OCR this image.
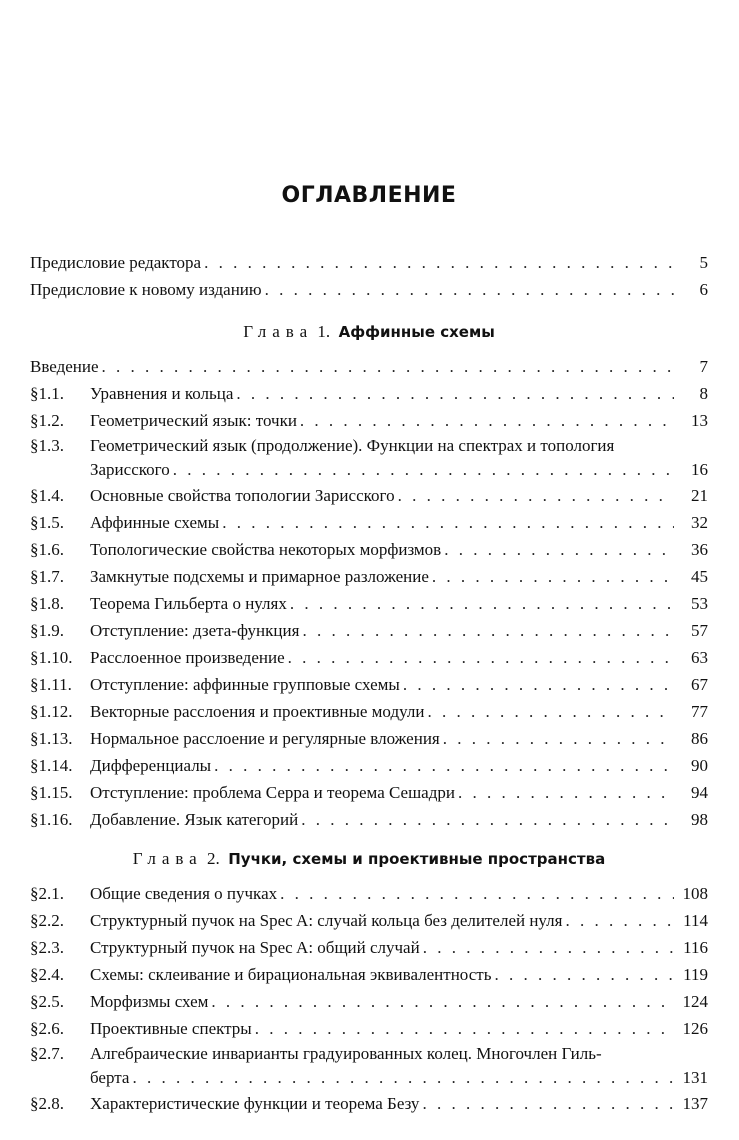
ОГЛАВЛЕНИЕ
Предисловие редактора . . .	5
Предисловие к новому изданию . . .	6
Глава 1. Аффинные схемы
Введение . . .	7
§1.1.	Уравнения и кольца . . .	8
§1.2.	Геометрический язык: точки . . .	13
§1.3.	Геометрический язык (продолжение). Функции на спектрах и топология
Зарисского . . .	16
§1.4.	Основные свойства топологии Зарисского . . .	21
§1.5.	Аффинные схемы . . .	32
§1.6.	Топологические свойства некоторых морфизмов . . .	36
§1.7.	Замкнутые подсхемы и примарное разложение . . .	45
§1.8.	Теорема Гильберта о нулях . . .	53
§1.9.	Отступление: дзета-функция . . .	57
§1.10.	Расслоенное произведение . . .	63
§1.11.	Отступление: аффинные групповые схемы . . .	67
§1.12.	Векторные расслоения и проективные модули . . .	77
§1.13.	Нормальное расслоение и регулярные вложения . . .	86
§1.14.	Дифференциалы . . .	90
§1.15.	Отступление: проблема Серра и теорема Сешадри . . .	94
§1.16.	Добавление. Язык категорий . . .	98
Глава 2. Пучки, схемы и проективные пространства
§2.1.	Общие сведения о пучках . . .	108
§2.2.	Структурный пучок на Spec A: случай кольца без делителей нуля . . .	114
§2.3.	Структурный пучок на Spec A: общий случай . . .	116
§2.4.	Схемы: склеивание и бирациональная эквивалентность . . .	119
§2.5.	Морфизмы схем . . .	124
§2.6.	Проективные спектры . . .	126
§2.7.	Алгебраические инварианты градуированных колец. Многочлен Гиль-
берта . . .	131
§2.8.	Характеристические функции и теорема Безу . . .	137
